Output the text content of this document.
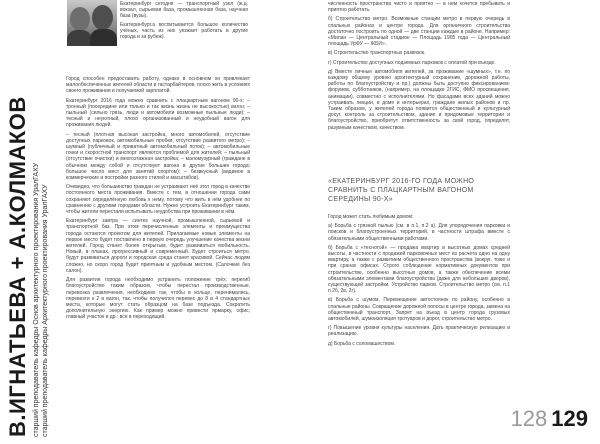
В.ИГНАТЬЕВА + А.КОЛМАКОВ старший преподаватель кафедры Основ архитектурного проектирования УралГАХУ старший преподаватель кафедры Архитектурного проектирования УралГАХУ

Екатеринбург сегодня — транспортный узел (ж.д. вокзал, сырьевая база, промышленная база, научная база (вузы).

Екатеринбург.а воспитывается большое количество учёных, часть из них уезжает работать в другие города и за рубеж).

Город способен предоставить работу, однако в основном он привлекает малообеспеченных жителей области и гастарбайтеров, плохо жить в условиях своего проживания и получаемой зарплатой.

Екатеринбург 2016 года можно сравнить с плацкартным вагоном 90-х: – тронный (посередине или только и так жизнь жизнь не высокостью) вагон; – пыльный (сильно грязь, люди и автомобили возможные пыльные люди); – тесный и неуютный, плохо организованный и неудобный вагон для проживания людей.

– тесный (плотная высокая застройка, много автомобилей, отсутствие доступных парковок, автомобильные пробки, отсутствие развитого метро); – шумный (публичный и приватный автомобильный поток); – автомобильные гонки и скоростной транспорт являются проблемой для жителей; – пыльный (отсутствие очистки) и многоэтажная застройка; – маломузурный (граждане в обычном между собой и отсутствует вагона в другие большие города; большое число мест для занятий спортом); – безвкусный (видимое в коммерческие и постройки разного стилей и масштабов).

Очевидно, что большинство граждан не устраивают неё этот город в качестве постоянного места проживания. Вместе с тем, в отношении города сами сохраняют определённую любовь к нему, потому что жить в нём удобнее по сравнению с другими городами области. Нужно устроить Екатеринбург таким, чтобы жители перестали испытывать неудобства при проживании в нём.

Екатеринбург завтра — синтез научной, промышленной, сырьевой и транспортной баз. При этом перечисленные элементы и преимущества города остаются проектом для жителей. Прилагаемые новые элементы на первое место будет поставлено в первую очередь улучшение качества жизни жителей. Город станет более открытым, будет развиваться мобильность. Новый, в планах, прогрессивный и современный. Будет строиться метро, будут развиваться дороги и городская среда станет красивой. Сейчас людям сложно, но скоро город будет приятным и удобным местом. (Салочкие без салон).

Для развития города необходимо устранить положение трёх: перегиб благоустройство таким образом, чтобы перестал производственные, перевозка развлечения, необходимо так, чтобы в кольце, перенимались, перевезти к 2 в вагон, так, чтобы получился перевес до 8 в 4 стандартных места, которые могут стать образцом на базе подъезда. Сократить дополнительную энергию. Как пример можно привести ярмарку, офис, главный участок и др.: вся в переходящий.

численность пространство чисто и приятно — в нем хочется пребывать и приятно работать.

б) Строительство метро. Возможные станции метро в первую очередь в спальных районах и центре города. Для органичного строительства достаточно построить по одной — две станции каждые в районе. Например: «Милан — Центральный стадион — Площадь 1905 года — Центральный площадь УрФУ — ЖБИ».

в) Строительство транспортных развязок.

г) Строительство доступных подземных парковок с оплатой при въезде.

д) Вместе личные автомобиля жителей, за проживание «шумных», т.е. по каждому общему уровню архитектурный сохранение, дорожной работы, работы по благоустройству и пр.) должны быть доступно фиксированием: форумов, субботников, (например, на площадке 2ГИС, ФМО просвещения, анимации), совместно с исполнителями. Но фасадами всех зданий можно устраивать лекции, в доме и интерьерах, граждане жилых районов и пр. Таким образом, у жителей города появится общественный и культурный досуг, контроль за строительством, здание и придомовые территории и благоустройство, приобретут ответственность за свой город, определят, разумным качеством, качеством.

«ЕКАТЕРИНБУРГ 2016-ГО ГОДА МОЖНО СРАВНИТЬ С ПЛАЦКАРТНЫМ ВАГОНОМ СЕРЕДИНЫ 90-Х»

Город может стать любимым домом:

а) Борьба с грязной пылью (см. в п.1, п.2 а). Для упорядочения парковки и поисков и благоустроенных территорий, в частности штрафа вместе с обязательными общественными работами.

б) Борьба с «теснотой» — продажа квартир в высотных домах средней высоты, в частности с продажей парковочных мест из расчета одно на одну квартиру, а также с развитием общественного пространства (вокруг, тоже и при сранах офисах. Строго соблюдение нормативных документов при строительстве, особенно высотных домов, а также обеспечение всеми обязательными элементами благоустройства (даже для небольших дворов), существующей застройки. Устройство парков. Строительство метро (см. п.1 п.2б, 2в, 2г).

в) Борьба с шумом. Перемещение автостоянок по району, особенно в спальные районы. Сокращение дорожной полосы в центре города, замена на общественный транспорт. Запрет на въезд в центр города грузовых автомобилей, шумоизоляция тротуаров и дорог, строительство метро.

г) Повышение уровня культуры населения. Дать практическую релизацию и реализацию.

д) Борьба с соломашеством.

128 129
